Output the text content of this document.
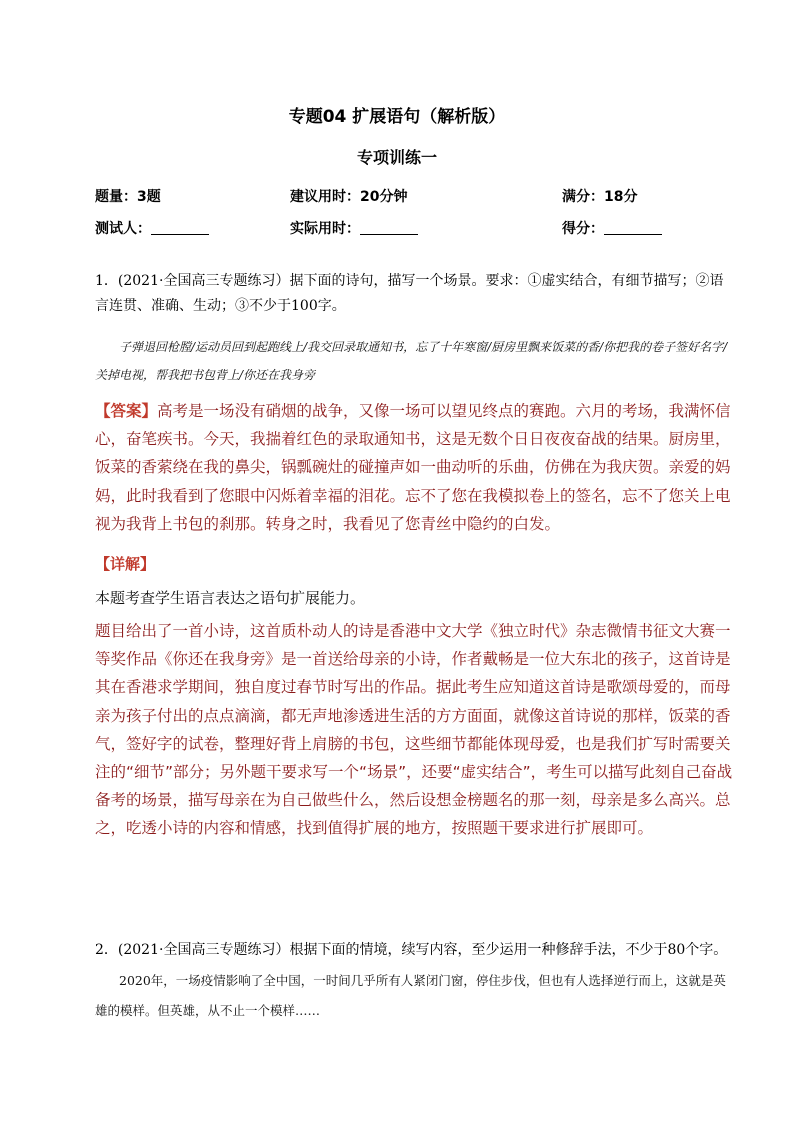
专题04 扩展语句（解析版）
专项训练一
题量：3题	建议用时：20分钟	满分：18分
测试人：	实际用时：	得分：
1．(2021·全国高三专题练习）据下面的诗句，描写一个场景。要求：①虚实结合，有细节描写；②语言连贯、准确、生动；③不少于100字。
子弹退回枪膛/运动员回到起跑线上/我交回录取通知书，忘了十年寒窗/厨房里飘来饭菜的香/你把我的卷子签好名字/关掉电视，帮我把书包背上/你还在我身旁
【答案】高考是一场没有硝烟的战争，又像一场可以望见终点的赛跑。六月的考场，我满怀信心，奋笔疾书。今天，我揣着红色的录取通知书，这是无数个日日夜夜奋战的结果。厨房里，饭菜的香萦绕在我的鼻尖，锅瓢碗灶的碰撞声如一曲动听的乐曲，仿佛在为我庆贺。亲爱的妈妈，此时我看到了您眼中闪烁着幸福的泪花。忘不了您在我模拟卷上的签名，忘不了您关上电视为我背上书包的刹那。转身之时，我看见了您青丝中隐约的白发。
【详解】
本题考查学生语言表达之语句扩展能力。
题目给出了一首小诗，这首质朴动人的诗是香港中文大学《独立时代》杂志微情书征文大赛一等奖作品《你还在我身旁》是一首送给母亲的小诗，作者戴畅是一位大东北的孩子，这首诗是其在香港求学期间，独自度过春节时写出的作品。据此考生应知道这首诗是歌颂母爱的，而母亲为孩子付出的点点滴滴，都无声地渗透进生活的方方面面，就像这首诗说的那样，饭菜的香气，签好字的试卷，整理好背上肩膀的书包，这些细节都能体现母爱，也是我们扩写时需要关注的“细节”部分；另外题干要求写一个“场景”，还要“虚实结合”，考生可以描写此刻自己奋战备考的场景，描写母亲在为自己做些什么，然后设想金榜题名的那一刻，母亲是多么高兴。总之，吃透小诗的内容和情感，找到值得扩展的地方，按照题干要求进行扩展即可。
2．(2021·全国高三专题练习）根据下面的情境，续写内容，至少运用一种修辞手法，不少于80个字。
2020年，一场疫情影响了全中国，一时间几乎所有人紧闭门窗，停住步伐，但也有人选择逆行而上，这就是英雄的模样。但英雄，从不止一个模样……
